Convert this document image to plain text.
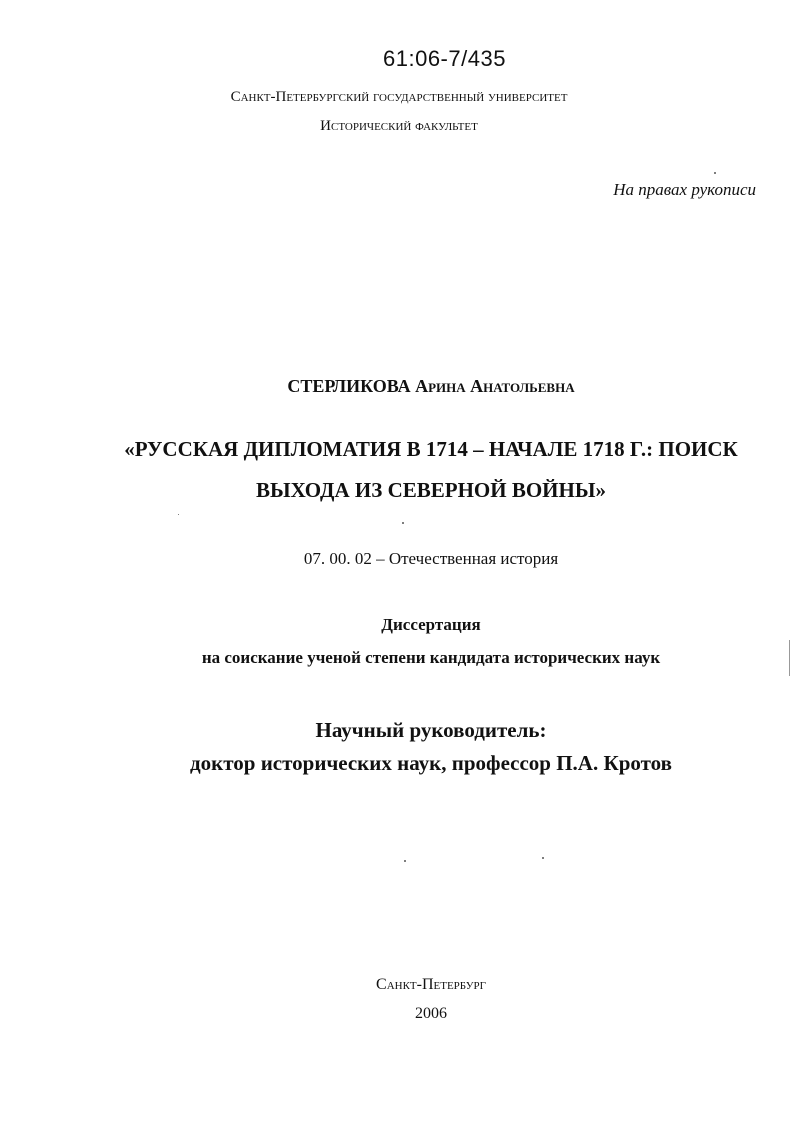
61:06-7/435
Санкт-Петербургский государственный университет
Исторический факультет
На правах рукописи
СТЕРЛИКОВА Арина Анатольевна
«РУССКАЯ ДИПЛОМАТИЯ В 1714 – НАЧАЛЕ 1718 Г.: ПОИСК
ВЫХОДА ИЗ СЕВЕРНОЙ ВОЙНЫ»
07. 00. 02 – Отечественная история
Диссертация
на соискание ученой степени кандидата исторических наук
Научный руководитель:
доктор исторических наук, профессор П.А. Кротов
Санкт-Петербург
2006
